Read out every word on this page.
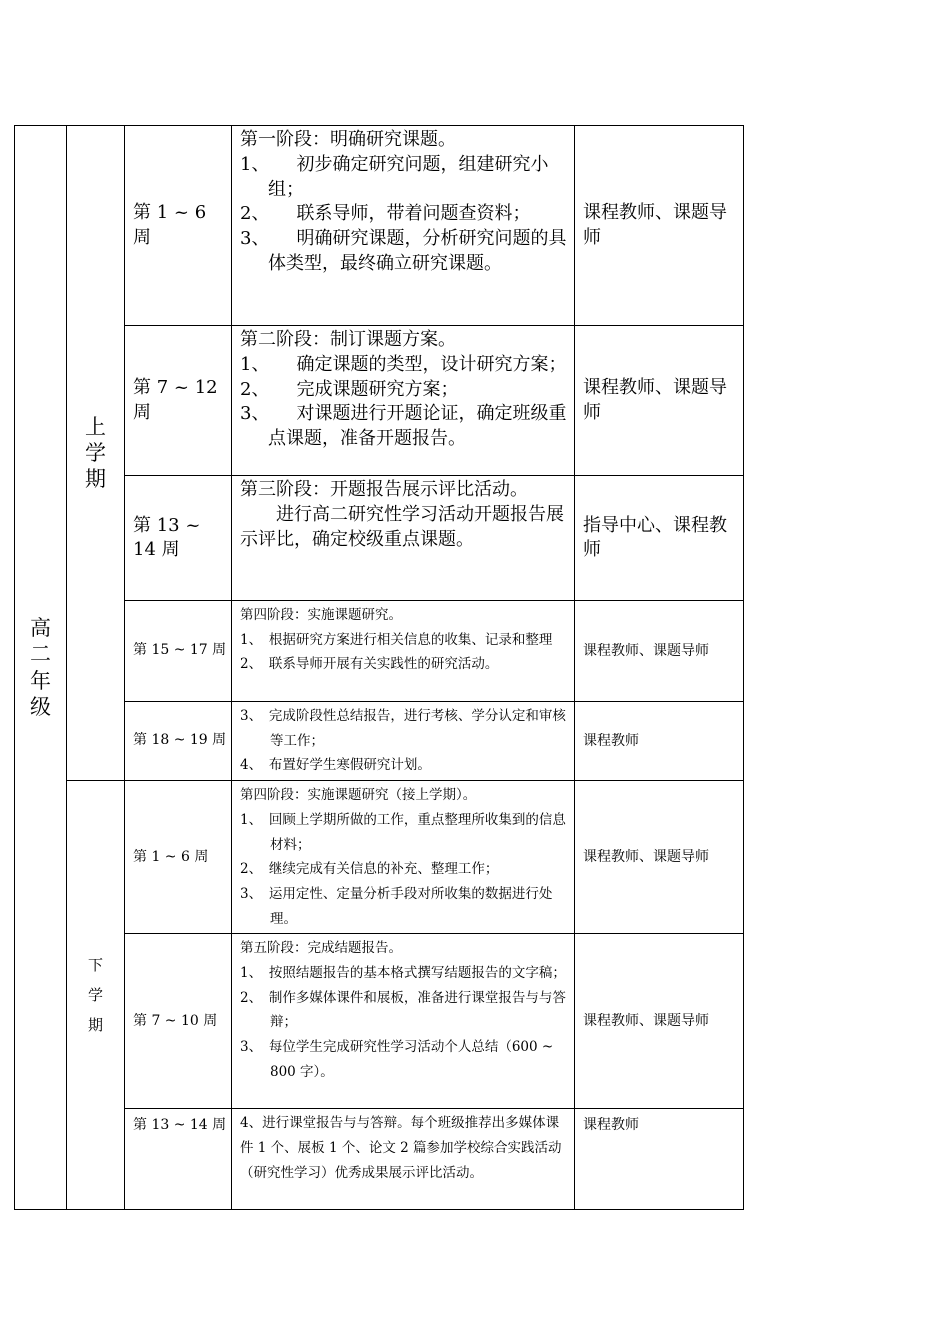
高二年级	上学期	第 1 ~ 6 周	第一阶段：明确研究课题。
1、　　初步确定研究问题，组建研究小组；
2、　　联系导师，带着问题查资料；
3、　　明确研究课题，分析研究问题的具体类型，最终确立研究课题。	课程教师、课题导师

		第 7 ~ 12 周	第二阶段：制订课题方案。
1、　　确定课题的类型，设计研究方案；
2、　　完成课题研究方案；
3、　　对课题进行开题论证，确定班级重点课题，准备开题报告。	课程教师、课题导师

		第 13 ~ 14 周	第三阶段：开题报告展示评比活动。
进行高二研究性学习活动开题报告展示评比，确定校级重点课题。	指导中心、课程教师

		第 15 ~ 17 周	第四阶段：实施课题研究。
1、　根据研究方案进行相关信息的收集、记录和整理
2、　联系导师开展有关实践性的研究活动。	课程教师、课题导师

		第 18 ~ 19 周	3、　完成阶段性总结报告，进行考核、学分认定和审核等工作；
4、　布置好学生寒假研究计划。	课程教师

	下学期	第 1 ~ 6 周	第四阶段：实施课题研究（接上学期）。
1、　回顾上学期所做的工作，重点整理所收集到的信息材料；
2、　继续完成有关信息的补充、整理工作；
3、　运用定性、定量分析手段对所收集的数据进行处理。	课程教师、课题导师

		第 7 ~ 10 周	第五阶段：完成结题报告。
1、　按照结题报告的基本格式撰写结题报告的文字稿；
2、　制作多媒体课件和展板，准备进行课堂报告与与答辩；
3、　每位学生完成研究性学习活动个人总结（600 ~ 800 字）。	课程教师、课题导师

		第 13 ~ 14 周	4、进行课堂报告与与答辩。每个班级推荐出多媒体课件 1 个、展板 1 个、论文 2 篇参加学校综合实践活动（研究性学习）优秀成果展示评比活动。	课程教师
